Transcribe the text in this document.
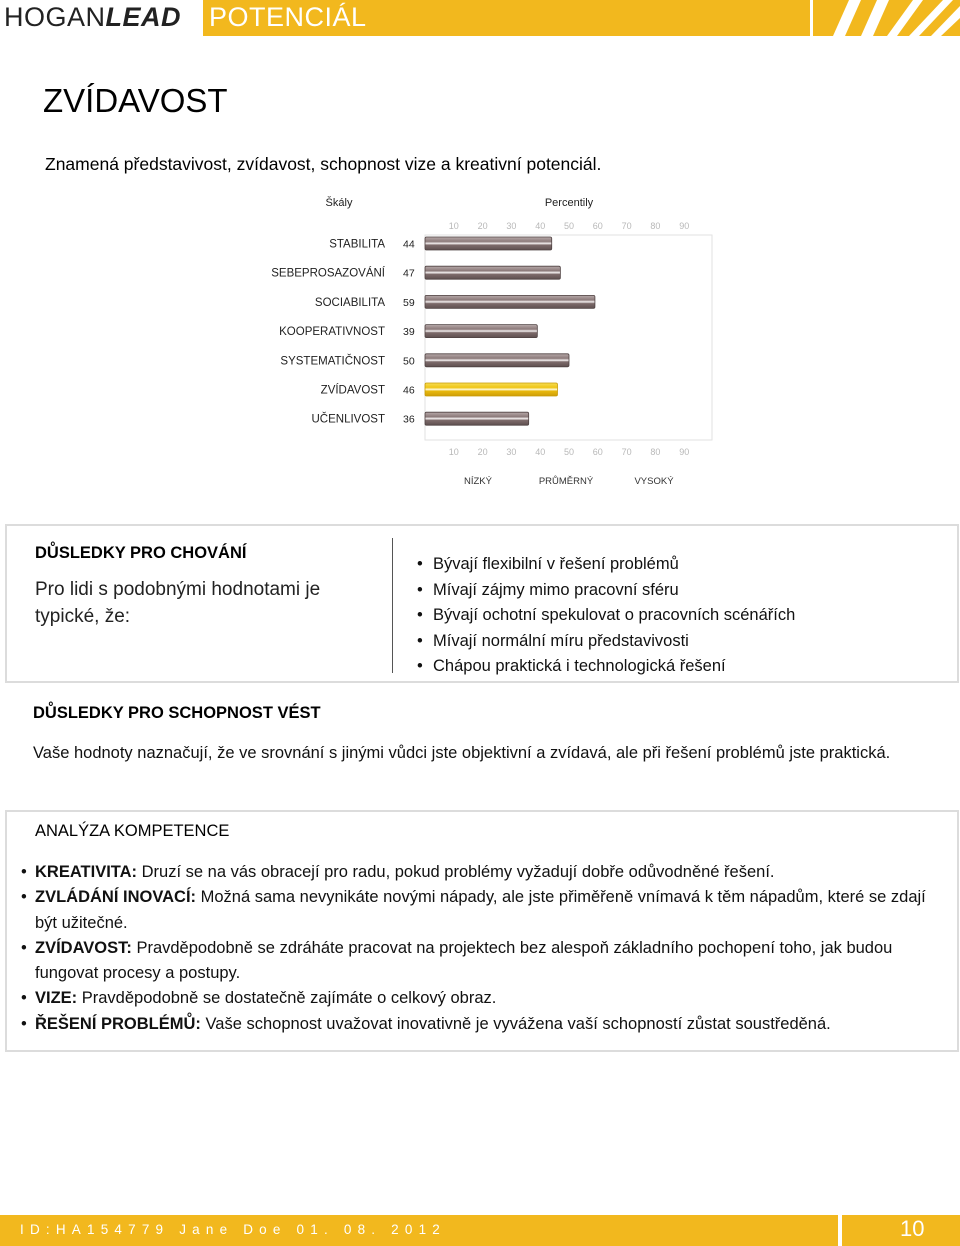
HOGANLEAD POTENCIÁL
ZVÍDAVOST

Znamená představivost, zvídavost, schopnost vize a kreativní potenciál.

Škály	Percentily
10
10
20
20
30
30
40
40
50
50
60
60
70
70
80
80
90
90
STABILITA 44
SEBEPROSAZOVÁNÍ 47
SOCIABILITA 59
KOOPERATIVNOST 39
SYSTEMATIČNOST 50
ZVÍDAVOST 46
UČENLIVOST 36
NÍZKÝ	PRŮMĚRNÝ	VYSOKÝ
DŮSLEDKY PRO CHOVÁNÍ
Pro lidi s podobnými hodnotami je typické, že:
• Bývají flexibilní v řešení problémů
• Mívají zájmy mimo pracovní sféru
• Bývají ochotní spekulovat o pracovních scénářích
• Mívají normální míru představivosti
• Chápou praktická i technologická řešení
DŮSLEDKY PRO SCHOPNOST VÉST
Vaše hodnoty naznačují, že ve srovnání s jinými vůdci jste objektivní a zvídavá, ale při řešení problémů jste praktická.
ANALÝZA KOMPETENCE
• KREATIVITA: Druzí se na vás obracejí pro radu, pokud problémy vyžadují dobře odůvodněné řešení.
• ZVLÁDÁNÍ INOVACÍ: Možná sama nevynikáte novými nápady, ale jste přiměřeně vnímavá k těm nápadům, které se zdají být užitečné.
• ZVÍDAVOST: Pravděpodobně se zdráháte pracovat na projektech bez alespoň základního pochopení toho, jak budou fungovat procesy a postupy.
• VIZE: Pravděpodobně se dostatečně zajímáte o celkový obraz.
• ŘEŠENÍ PROBLÉMŮ: Vaše schopnost uvažovat inovativně je vyvážena vaší schopností zůstat soustředěná.
ID:HA154779 Jane Doe 01. 08. 2012	10
